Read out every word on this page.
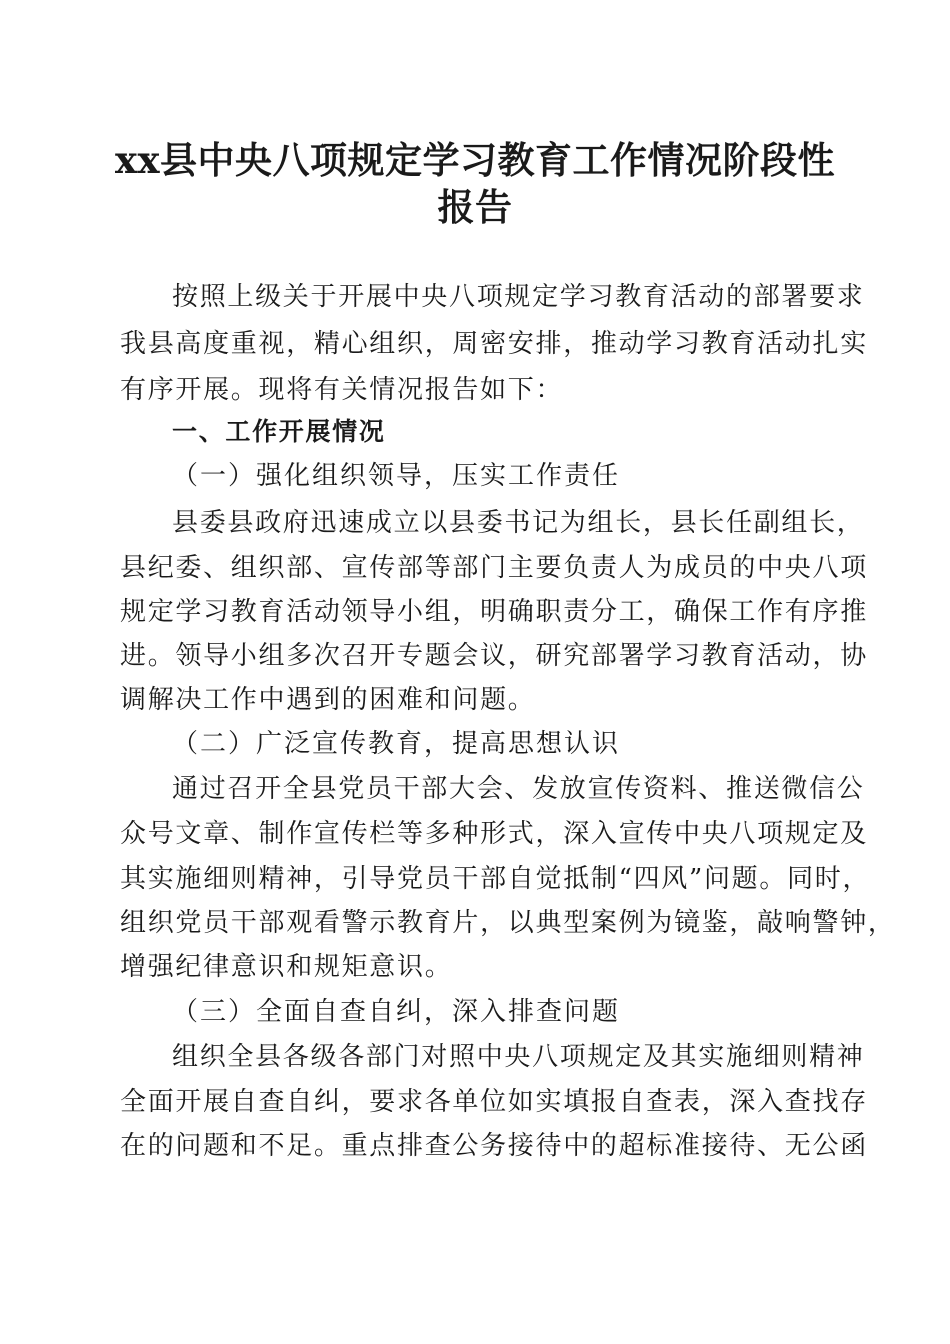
xx县中央八项规定学习教育工作情况阶段性
报告
按照上级关于开展中央八项规定学习教育活动的部署要求
我县高度重视，精心组织，周密安排，推动学习教育活动扎实
有序开展。现将有关情况报告如下：
一、工作开展情况
（一）强化组织领导，压实工作责任
县委县政府迅速成立以县委书记为组长，县长任副组长，
县纪委、组织部、宣传部等部门主要负责人为成员的中央八项
规定学习教育活动领导小组，明确职责分工，确保工作有序推
进。领导小组多次召开专题会议，研究部署学习教育活动，协
调解决工作中遇到的困难和问题。
（二）广泛宣传教育，提高思想认识
通过召开全县党员干部大会、发放宣传资料、推送微信公
众号文章、制作宣传栏等多种形式，深入宣传中央八项规定及
其实施细则精神，引导党员干部自觉抵制“四风”问题。同时，
组织党员干部观看警示教育片，以典型案例为镜鉴，敲响警钟，
增强纪律意识和规矩意识。
（三）全面自查自纠，深入排查问题
组织全县各级各部门对照中央八项规定及其实施细则精神
全面开展自查自纠，要求各单位如实填报自查表，深入查找存
在的问题和不足。重点排查公务接待中的超标准接待、无公函
